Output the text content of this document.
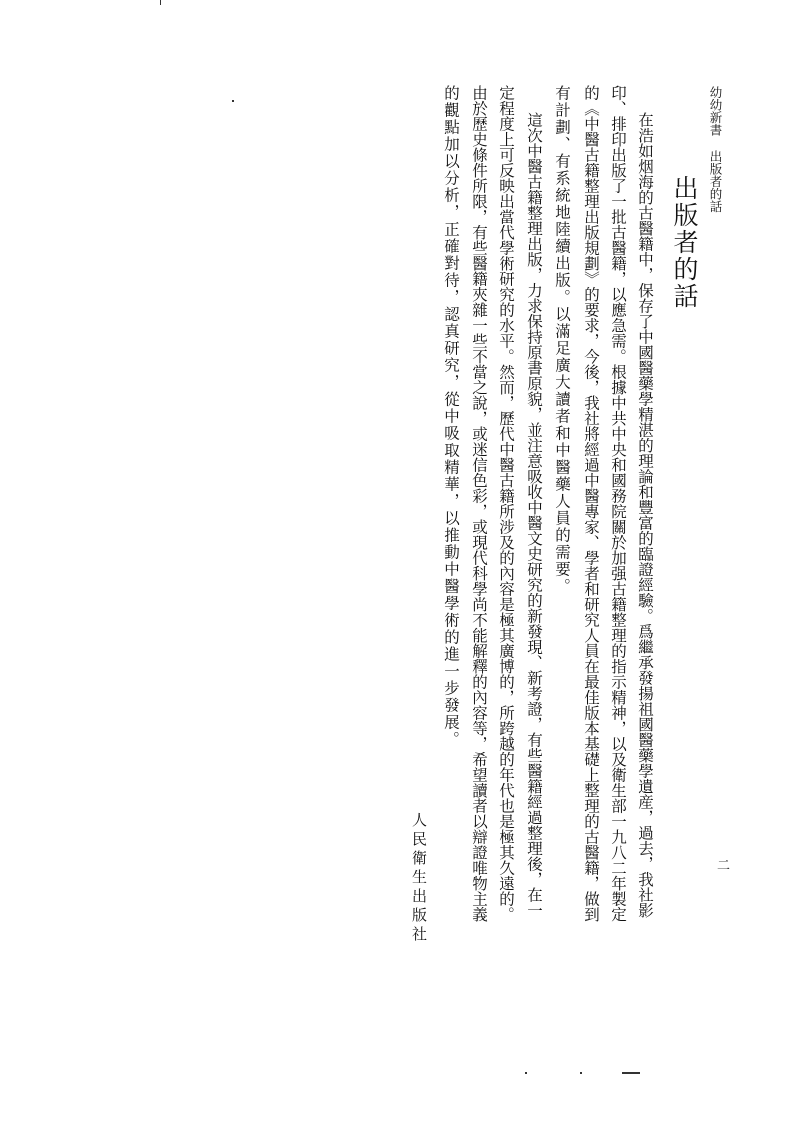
幼幼新書出版者的話
二
出版者的話
在浩如烟海的古醫籍中，保存了中國醫藥學精湛的理論和豐富的臨證經驗。爲繼承發揚祖國醫藥學遺産，過去，我社影
印、排印出版了一批古醫籍，以應急需。根據中共中央和國務院關於加强古籍整理的指示精神，以及衛生部一九八二年製定
的《中醫古籍整理出版規劃》的要求，今後，我社將經過中醫專家、學者和研究人員在最佳版本基礎上整理的古醫籍，做到
有計劃、有系統地陸續出版。以滿足廣大讀者和中醫藥人員的需要。
這次中醫古籍整理出版，力求保持原書原貌，並注意吸收中醫文史研究的新發現、新考證，有些醫籍經過整理後，在一
定程度上可反映出當代學術研究的水平。然而，歷代中醫古籍所涉及的內容是極其廣博的，所跨越的年代也是極其久遠的。
由於歷史條件所限，有些醫籍夾雜一些不當之說，或迷信色彩，或現代科學尚不能解釋的內容等，希望讀者以辯證唯物主義
的觀點加以分析，正確對待，認真研究，從中吸取精華，以推動中醫學術的進一步發展。
人民衛生出版社
